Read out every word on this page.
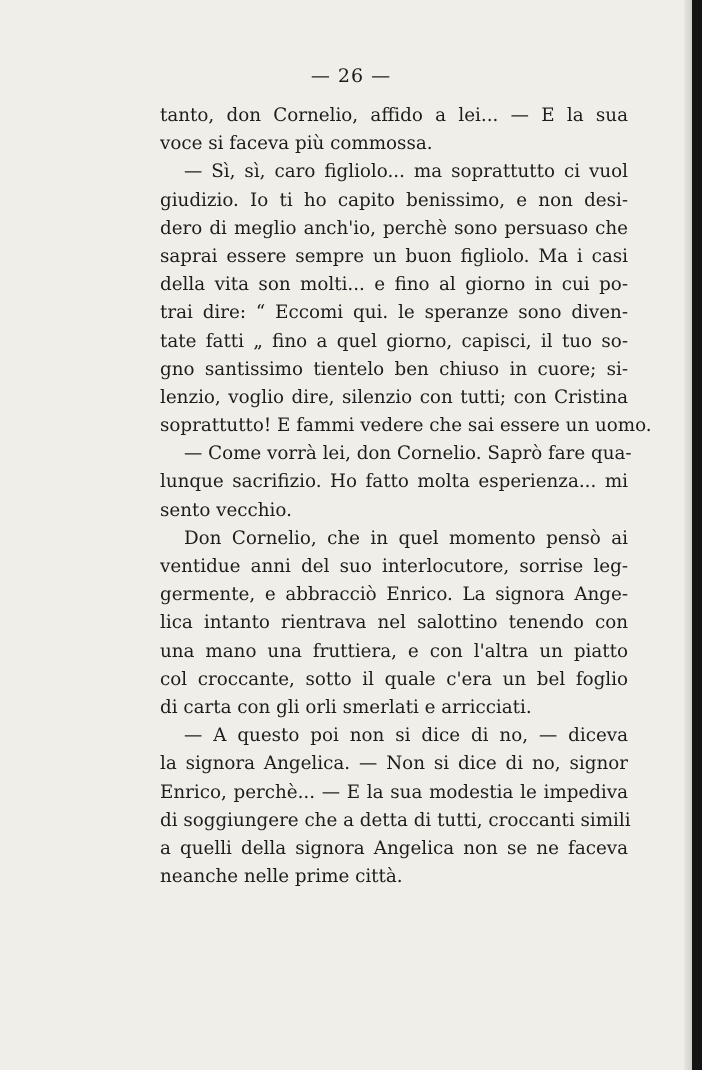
— 26 —
tanto, don Cornelio, affido a lei... — E la sua
voce si faceva più commossa.
— Sì, sì, caro figliolo... ma soprattutto ci vuol
giudizio. Io ti ho capito benissimo, e non desi-
dero di meglio anch'io, perchè sono persuaso che
saprai essere sempre un buon figliolo. Ma i casi
della vita son molti... e fino al giorno in cui po-
trai dire: “ Eccomi qui. le speranze sono diven-
tate fatti „ fino a quel giorno, capisci, il tuo so-
gno santissimo tientelo ben chiuso in cuore; si-
lenzio, voglio dire, silenzio con tutti; con Cristina
soprattutto! E fammi vedere che sai essere un uomo.
— Come vorrà lei, don Cornelio. Saprò fare qua-
lunque sacrifizio. Ho fatto molta esperienza... mi
sento vecchio.
Don Cornelio, che in quel momento pensò ai
ventidue anni del suo interlocutore, sorrise leg-
germente, e abbracciò Enrico. La signora Ange-
lica intanto rientrava nel salottino tenendo con
una mano una fruttiera, e con l'altra un piatto
col croccante, sotto il quale c'era un bel foglio
di carta con gli orli smerlati e arricciati.
— A questo poi non si dice di no, — diceva
la signora Angelica. — Non si dice di no, signor
Enrico, perchè... — E la sua modestia le impediva
di soggiungere che a detta di tutti, croccanti simili
a quelli della signora Angelica non se ne faceva
neanche nelle prime città.
